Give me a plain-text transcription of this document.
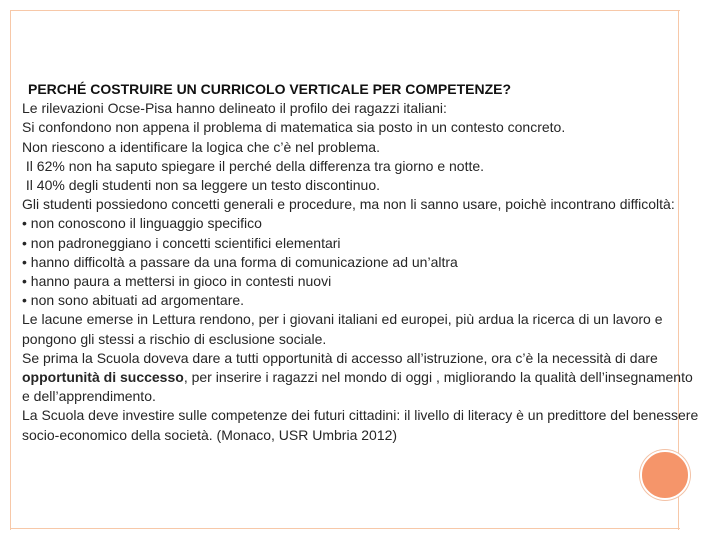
PERCHÉ COSTRUIRE UN CURRICOLO VERTICALE PER COMPETENZE?
Le rilevazioni Ocse-Pisa hanno delineato il profilo dei ragazzi italiani:
Si confondono non appena il problema di matematica sia posto in un contesto concreto.
Non riescono a identificare la logica che c’è nel problema.
Il 62% non ha saputo spiegare il perché della differenza tra giorno e notte.
Il 40% degli studenti non sa leggere un testo discontinuo.
Gli studenti possiedono concetti generali e procedure, ma non li sanno usare, poichè incontrano difficoltà:
• non conoscono il linguaggio specifico
• non padroneggiano i concetti scientifici elementari
• hanno difficoltà a passare da una forma di comunicazione ad un’altra
• hanno paura a mettersi in gioco in contesti nuovi
• non sono abituati ad argomentare.
Le lacune emerse in Lettura rendono, per i giovani italiani ed europei, più ardua la ricerca di un lavoro e pongono gli stessi a rischio di esclusione sociale.
Se prima la Scuola doveva dare a tutti opportunità di accesso all’istruzione, ora c’è la necessità di dare opportunità di successo, per inserire i ragazzi nel mondo di oggi , migliorando la qualità dell’insegnamento e dell’apprendimento.
La Scuola deve investire sulle competenze dei futuri cittadini: il livello di literacy è un predittore del benessere socio-economico della società. (Monaco, USR Umbria 2012)
